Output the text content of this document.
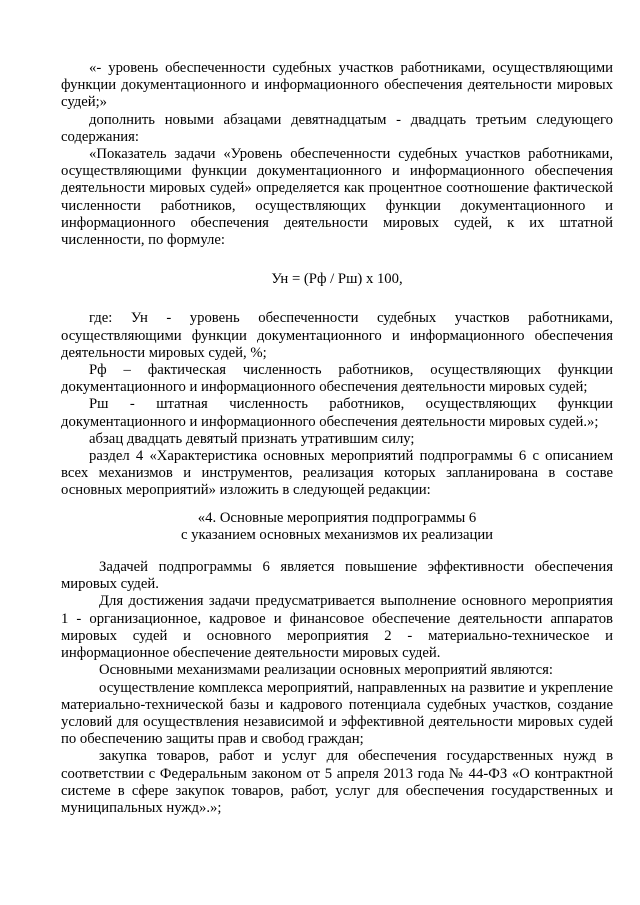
«- уровень обеспеченности судебных участков работниками, осуществляющими функции документационного и информационного обеспечения деятельности мировых судей;»

дополнить новыми абзацами девятнадцатым - двадцать третьим следующего содержания:

«Показатель задачи «Уровень обеспеченности судебных участков работниками, осуществляющими функции документационного и информационного обеспечения деятельности мировых судей» определяется как процентное соотношение фактической численности работников, осуществляющих функции документационного и информационного обеспечения деятельности мировых судей, к их штатной численности, по формуле:

Ун = (Рф / Рш) х 100,

где: Ун - уровень обеспеченности судебных участков работниками, осуществляющими функции документационного и информационного обеспечения деятельности мировых судей, %;

Рф – фактическая численность работников, осуществляющих функции документационного и информационного обеспечения деятельности мировых судей;

Рш - штатная численность работников, осуществляющих функции документационного и информационного обеспечения деятельности мировых судей.»;

абзац двадцать девятый признать утратившим силу;

раздел 4 «Характеристика основных мероприятий подпрограммы 6 с описанием всех механизмов и инструментов, реализация которых запланирована в составе основных мероприятий» изложить в следующей редакции:

«4. Основные мероприятия подпрограммы 6

с указанием основных механизмов их реализации

Задачей подпрограммы 6 является повышение эффективности обеспечения мировых судей.

Для достижения задачи предусматривается выполнение основного мероприятия 1 - организационное, кадровое и финансовое обеспечение деятельности аппаратов мировых судей и основного мероприятия 2 - материально-техническое и информационное обеспечение деятельности мировых судей.

Основными механизмами реализации основных мероприятий являются:

осуществление комплекса мероприятий, направленных на развитие и укрепление материально-технической базы и кадрового потенциала судебных участков, создание условий для осуществления независимой и эффективной деятельности мировых судей по обеспечению защиты прав и свобод граждан;

закупка товаров, работ и услуг для обеспечения государственных нужд в соответствии с Федеральным законом от 5 апреля 2013 года № 44-ФЗ «О контрактной системе в сфере закупок товаров, работ, услуг для обеспечения государственных и муниципальных нужд».»;
